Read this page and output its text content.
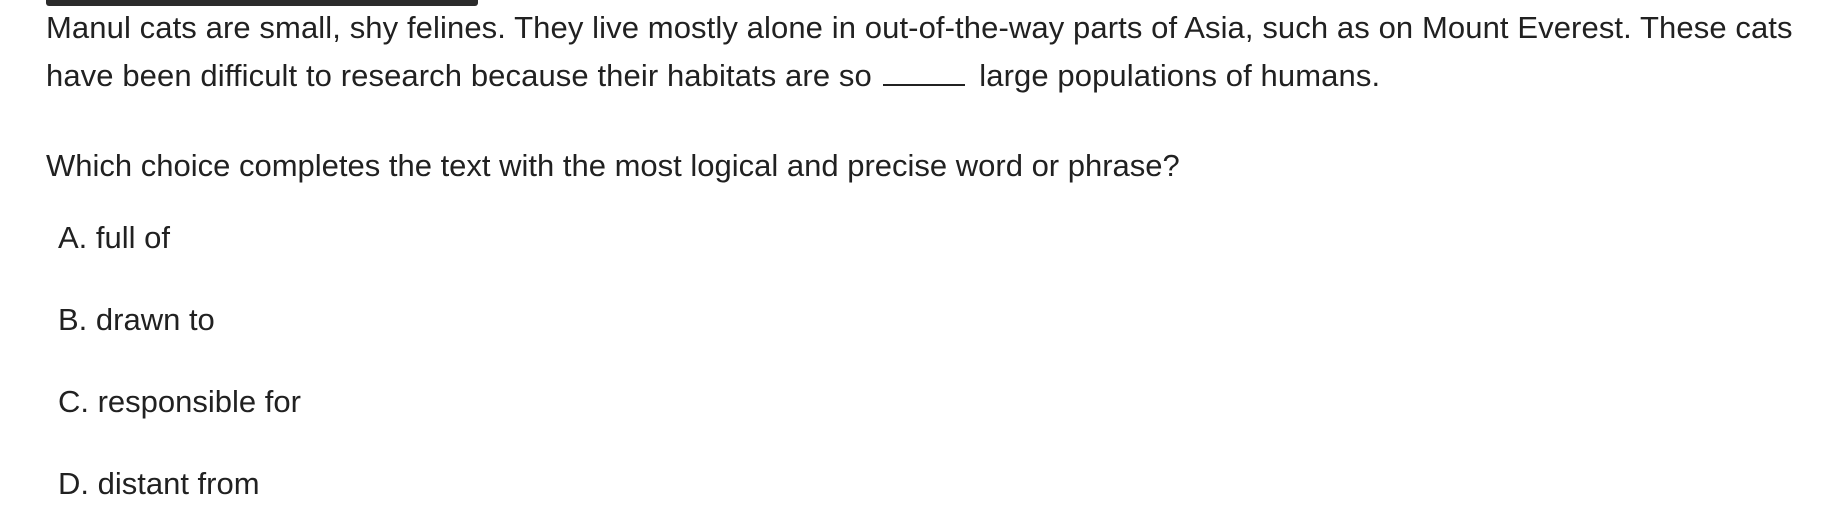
Manul cats are small, shy felines. They live mostly alone in out-of-the-way parts of Asia, such as on Mount Everest. These cats have been difficult to research because their habitats are so	large populations of humans.
Which choice completes the text with the most logical and precise word or phrase?
A. full of
B. drawn to
C. responsible for
D. distant from
